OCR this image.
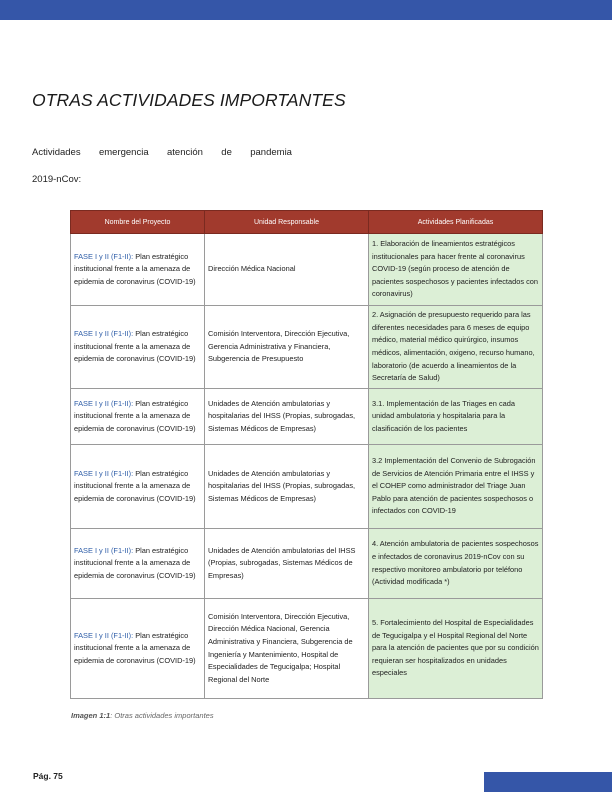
OTRAS ACTIVIDADES IMPORTANTES
Actividades emergencia atención de pandemia
2019-nCov:
Nombre del Proyecto	Unidad Responsable	Actividades Planificadas
FASE I y II (F1-II): Plan estratégico institucional frente a la amenaza de epidemia de coronavirus (COVID-19)	Dirección Médica Nacional	1. Elaboración de lineamientos estratégicos institucionales para hacer frente al coronavirus COVID-19 (según proceso de atención de pacientes sospechosos y pacientes infectados con coronavirus)
FASE I y II (F1-II): Plan estratégico institucional frente a la amenaza de epidemia de coronavirus (COVID-19)	Comisión Interventora, Dirección Ejecutiva, Gerencia Administrativa y Financiera, Subgerencia de Presupuesto	2. Asignación de presupuesto requerido para las diferentes necesidades para 6 meses de equipo médico, material médico quirúrgico, insumos médicos, alimentación, oxigeno, recurso humano, laboratorio (de acuerdo a lineamientos de la Secretaría de Salud)
FASE I y II (F1-II): Plan estratégico institucional frente a la amenaza de epidemia de coronavirus (COVID-19)	Unidades de Atención ambulatorias y hospitalarias del IHSS (Propias, subrogadas, Sistemas Médicos de Empresas)	3.1. Implementación de las Triages en cada unidad ambulatoria y hospitalaria para la clasificación de los pacientes
FASE I y II (F1-II): Plan estratégico institucional frente a la amenaza de epidemia de coronavirus (COVID-19)	Unidades de Atención ambulatorias y hospitalarias del IHSS (Propias, subrogadas, Sistemas Médicos de Empresas)	3.2 Implementación del Convenio de Subrogación de Servicios de Atención Primaria entre el IHSS y el COHEP como administrador del Triage Juan Pablo para atención de pacientes sospechosos o infectados con COVID-19
FASE I y II (F1-II): Plan estratégico institucional frente a la amenaza de epidemia de coronavirus (COVID-19)	Unidades de Atención ambulatorias del IHSS (Propias, subrogadas, Sistemas Médicos de Empresas)	4. Atención ambulatoria de pacientes sospechosos e infectados de coronavirus 2019-nCov con su respectivo monitoreo ambulatorio por teléfono (Actividad modificada *)
FASE I y II (F1-II): Plan estratégico institucional frente a la amenaza de epidemia de coronavirus (COVID-19)	Comisión Interventora, Dirección Ejecutiva, Dirección Médica Nacional, Gerencia Administrativa y Financiera, Subgerencia de Ingeniería y Mantenimiento, Hospital de Especialidades de Tegucigalpa; Hospital Regional del Norte	5. Fortalecimiento del Hospital de Especialidades de Tegucigalpa y el Hospital Regional del Norte para la atención de pacientes que por su condición requieran ser hospitalizados en unidades especiales
Imagen 1:1: Otras actividades importantes
Pág. 75
